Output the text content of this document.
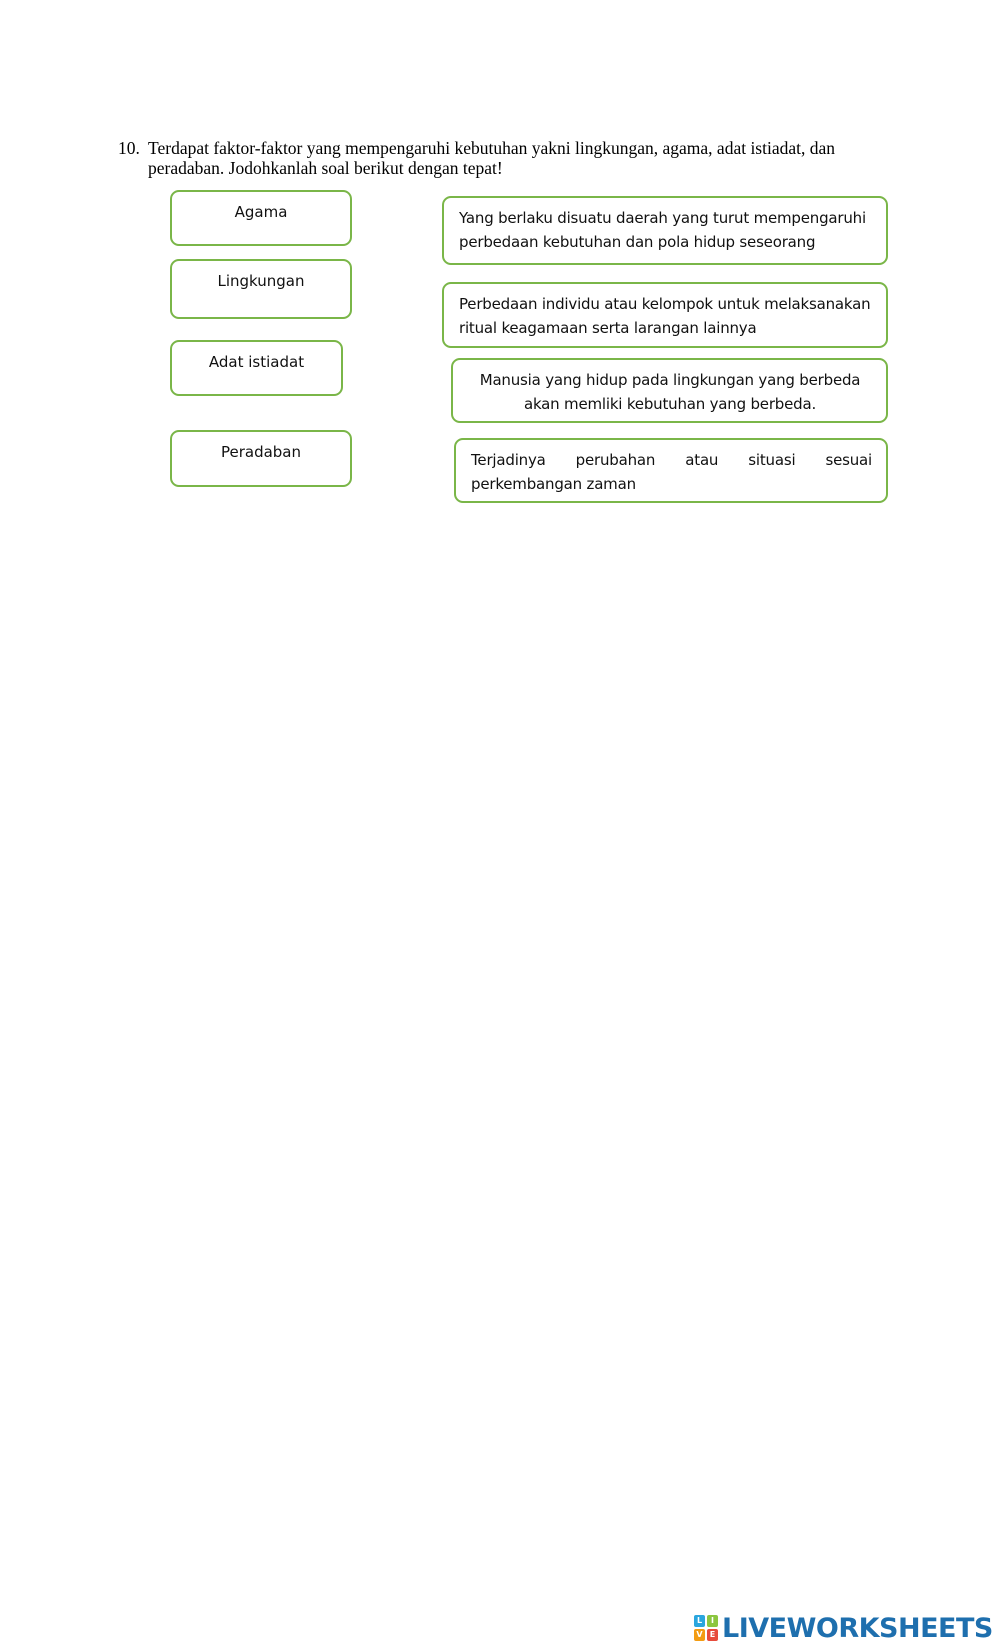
10. Terdapat faktor-faktor yang mempengaruhi kebutuhan yakni lingkungan, agama, adat istiadat, dan
peradaban. Jodohkanlah soal berikut dengan tepat!
Agama
Lingkungan
Adat istiadat
Peradaban
Yang berlaku disuatu daerah yang turut mempengaruhi
perbedaan kebutuhan dan pola hidup seseorang
Perbedaan individu atau kelompok untuk melaksanakan
ritual keagamaan serta larangan lainnya
Manusia yang hidup pada lingkungan yang berbeda
akan memliki kebutuhan yang berbeda.
Terjadinya perubahan atau situasi sesuai
perkembangan zaman
L	I
V E LIVEWORKSHEETS
